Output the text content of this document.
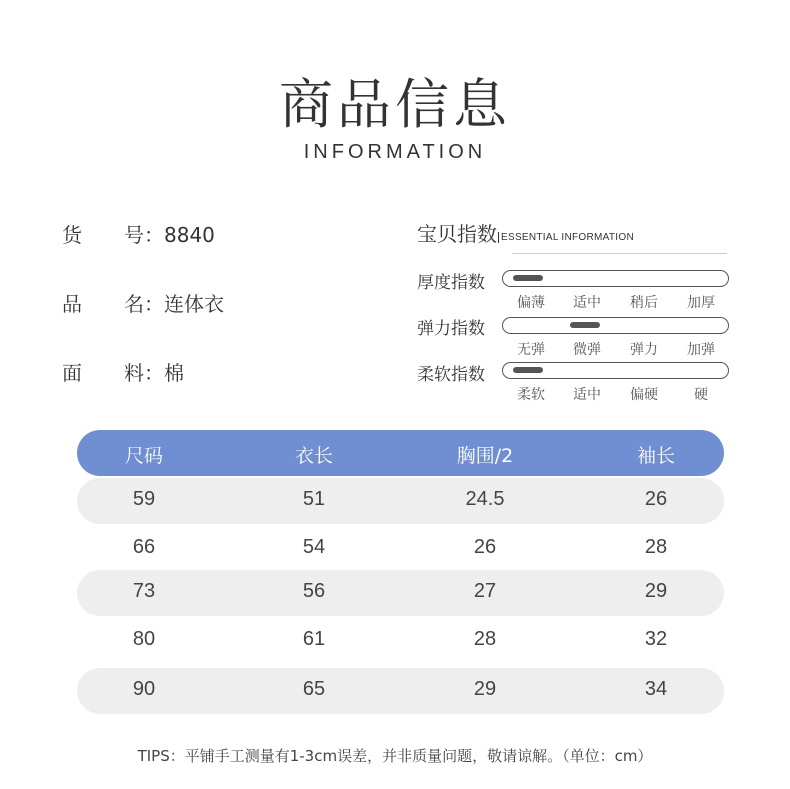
商品信息
INFORMATION
货 号：8840
品 名：连体衣
面 料：棉
宝贝指数 ESSENTIAL INFORMATION
厚度指数
偏薄	适中	稍后	加厚
弹力指数
无弹	微弹	弹力	加弹
柔软指数
柔软	适中	偏硬	硬
尺码	衣长	胸围/2	袖长
59	51	24.5	26
66	54	26	28
73	56	27	29
80	61	28	32
90	65	29	34
TIPS：平铺手工测量有1-3cm误差，并非质量问题，敬请谅解。（单位：cm）
